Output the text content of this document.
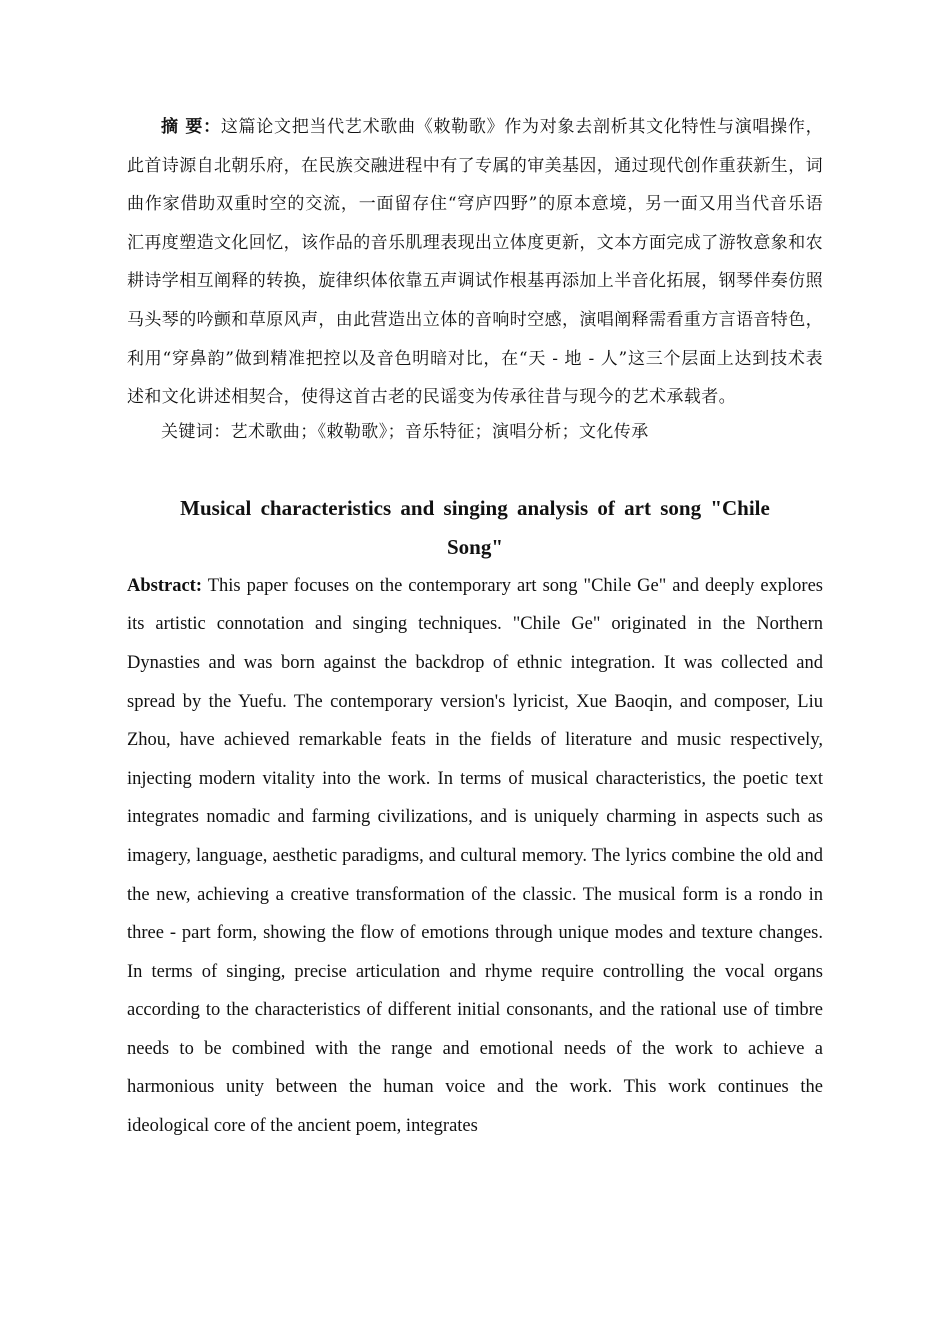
摘 要：这篇论文把当代艺术歌曲《敕勒歌》作为对象去剖析其文化特性与演唱操作，此首诗源自北朝乐府，在民族交融进程中有了专属的审美基因，通过现代创作重获新生，词曲作家借助双重时空的交流，一面留存住“穹庐四野”的原本意境，另一面又用当代音乐语汇再度塑造文化回忆，该作品的音乐肌理表现出立体度更新，文本方面完成了游牧意象和农耕诗学相互阐释的转换，旋律织体依靠五声调试作根基再添加上半音化拓展，钢琴伴奏仿照马头琴的吟颤和草原风声，由此营造出立体的音响时空感，演唱阐释需看重方言语音特色，利用“穿鼻韵”做到精准把控以及音色明暗对比，在“天 - 地 - 人”这三个层面上达到技术表述和文化讲述相契合，使得这首古老的民谣变为传承往昔与现今的艺术承载者。

关键词：艺术歌曲；《敕勒歌》；音乐特征；演唱分析；文化传承

Musical characteristics and singing analysis of art song "Chile Song"

Abstract: This paper focuses on the contemporary art song "Chile Ge" and deeply explores its artistic connotation and singing techniques. "Chile Ge" originated in the Northern Dynasties and was born against the backdrop of ethnic integration. It was collected and spread by the Yuefu. The contemporary version's lyricist, Xue Baoqin, and composer, Liu Zhou, have achieved remarkable feats in the fields of literature and music respectively, injecting modern vitality into the work. In terms of musical characteristics, the poetic text integrates nomadic and farming civilizations, and is uniquely charming in aspects such as imagery, language, aesthetic paradigms, and cultural memory. The lyrics combine the old and the new, achieving a creative transformation of the classic. The musical form is a rondo in three - part form, showing the flow of emotions through unique modes and texture changes. In terms of singing, precise articulation and rhyme require controlling the vocal organs according to the characteristics of different initial consonants, and the rational use of timbre needs to be combined with the range and emotional needs of the work to achieve a harmonious unity between the human voice and the work. This work continues the ideological core of the ancient poem, integrates
